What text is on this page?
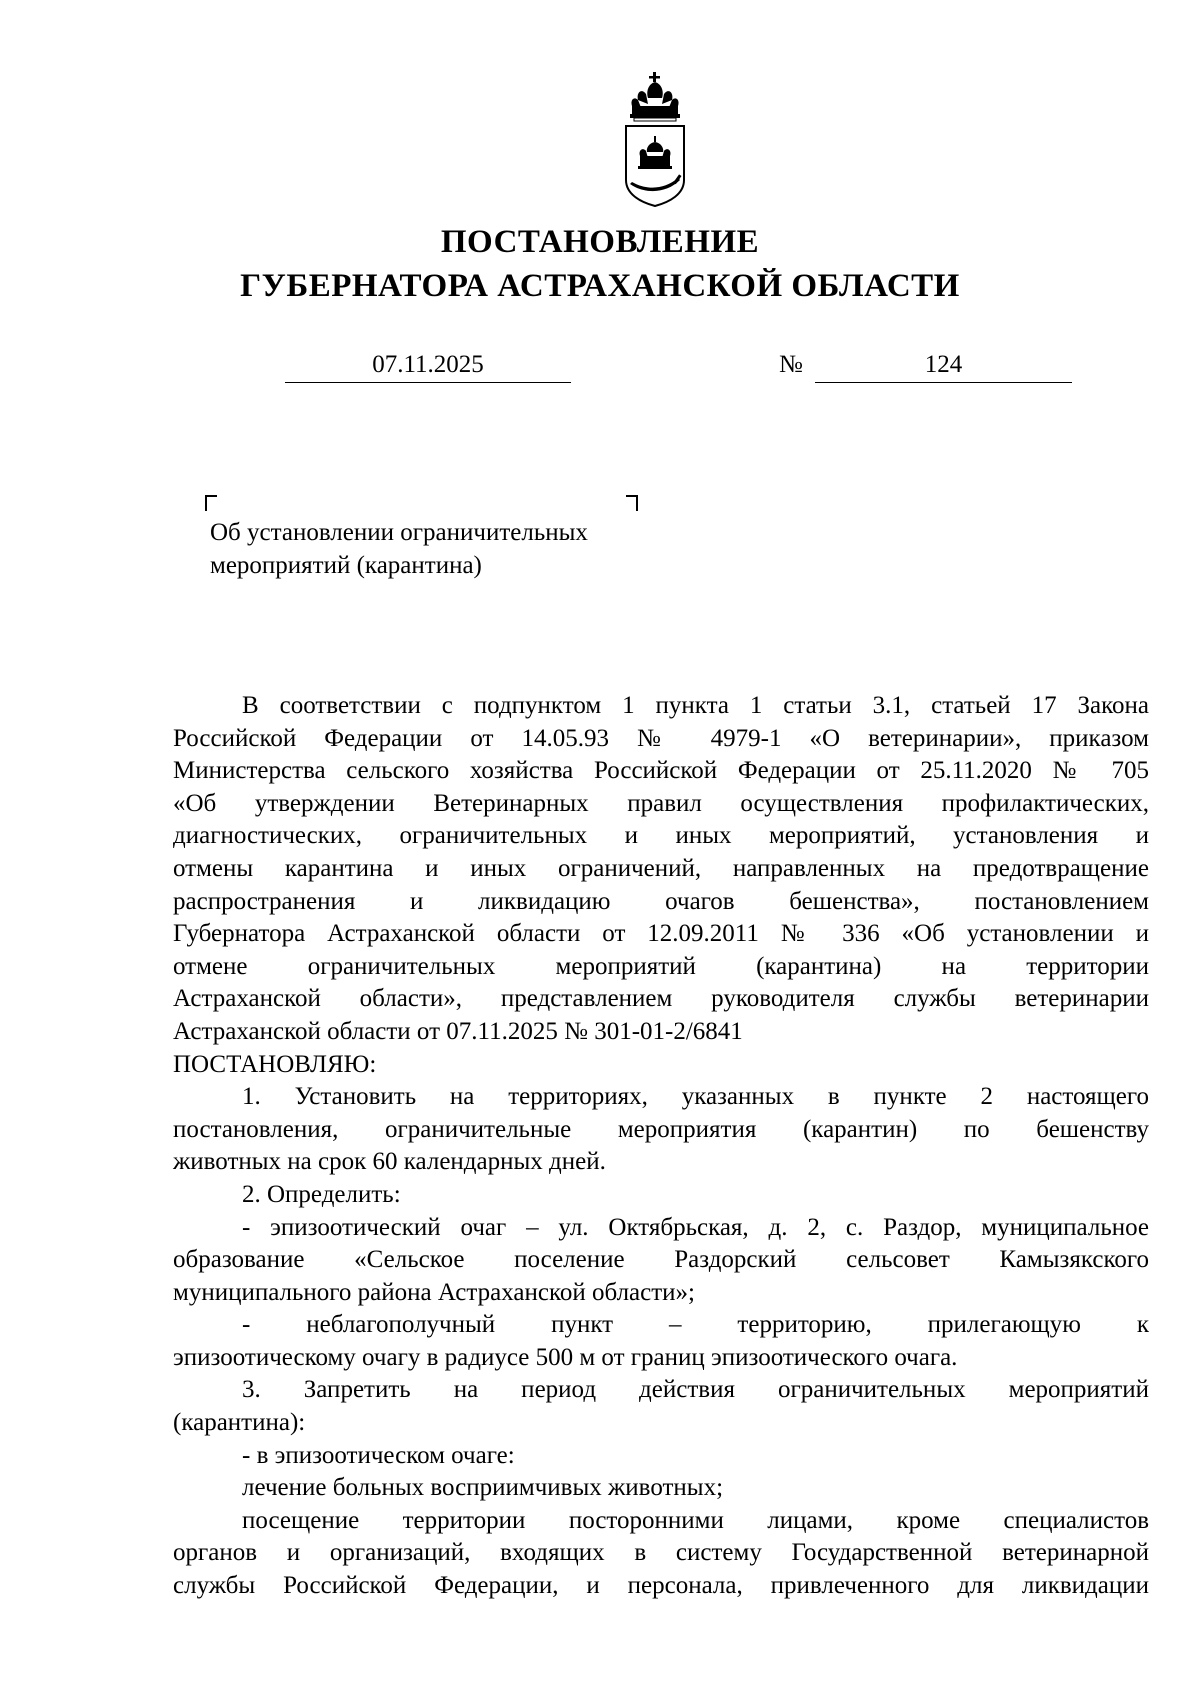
ПОСТАНОВЛЕНИЕ
ГУБЕРНАТОРА АСТРАХАНСКОЙ ОБЛАСТИ
07.11.2025	№	124
Об установлении ограничительных
мероприятий (карантина)
В соответствии с подпунктом 1 пункта 1 статьи 3.1, статьей 17 Закона
Российской Федерации от 14.05.93 № 4979-1 «О ветеринарии», приказом
Министерства сельского хозяйства Российской Федерации от 25.11.2020 № 705
«Об утверждении Ветеринарных правил осуществления профилактических,
диагностических, ограничительных и иных мероприятий, установления и
отмены карантина и иных ограничений, направленных на предотвращение
распространения и ликвидацию очагов бешенства», постановлением
Губернатора Астраханской области от 12.09.2011 № 336 «Об установлении и
отмене ограничительных мероприятий (карантина) на территории
Астраханской области», представлением руководителя службы ветеринарии
Астраханской области от 07.11.2025 № 301-01-2/6841
ПОСТАНОВЛЯЮ:
1. Установить на территориях, указанных в пункте 2 настоящего
постановления, ограничительные мероприятия (карантин) по бешенству
животных на срок 60 календарных дней.
2. Определить:
- эпизоотический очаг – ул. Октябрьская, д. 2, с. Раздор, муниципальное
образование «Сельское поселение Раздорский сельсовет Камызякского
муниципального района Астраханской области»;
- неблагополучный пункт – территорию, прилегающую к
эпизоотическому очагу в радиусе 500 м от границ эпизоотического очага.
3. Запретить на период действия ограничительных мероприятий
(карантина):
- в эпизоотическом очаге:
лечение больных восприимчивых животных;
посещение территории посторонними лицами, кроме специалистов
органов и организаций, входящих в систему Государственной ветеринарной
службы Российской Федерации, и персонала, привлеченного для ликвидации
